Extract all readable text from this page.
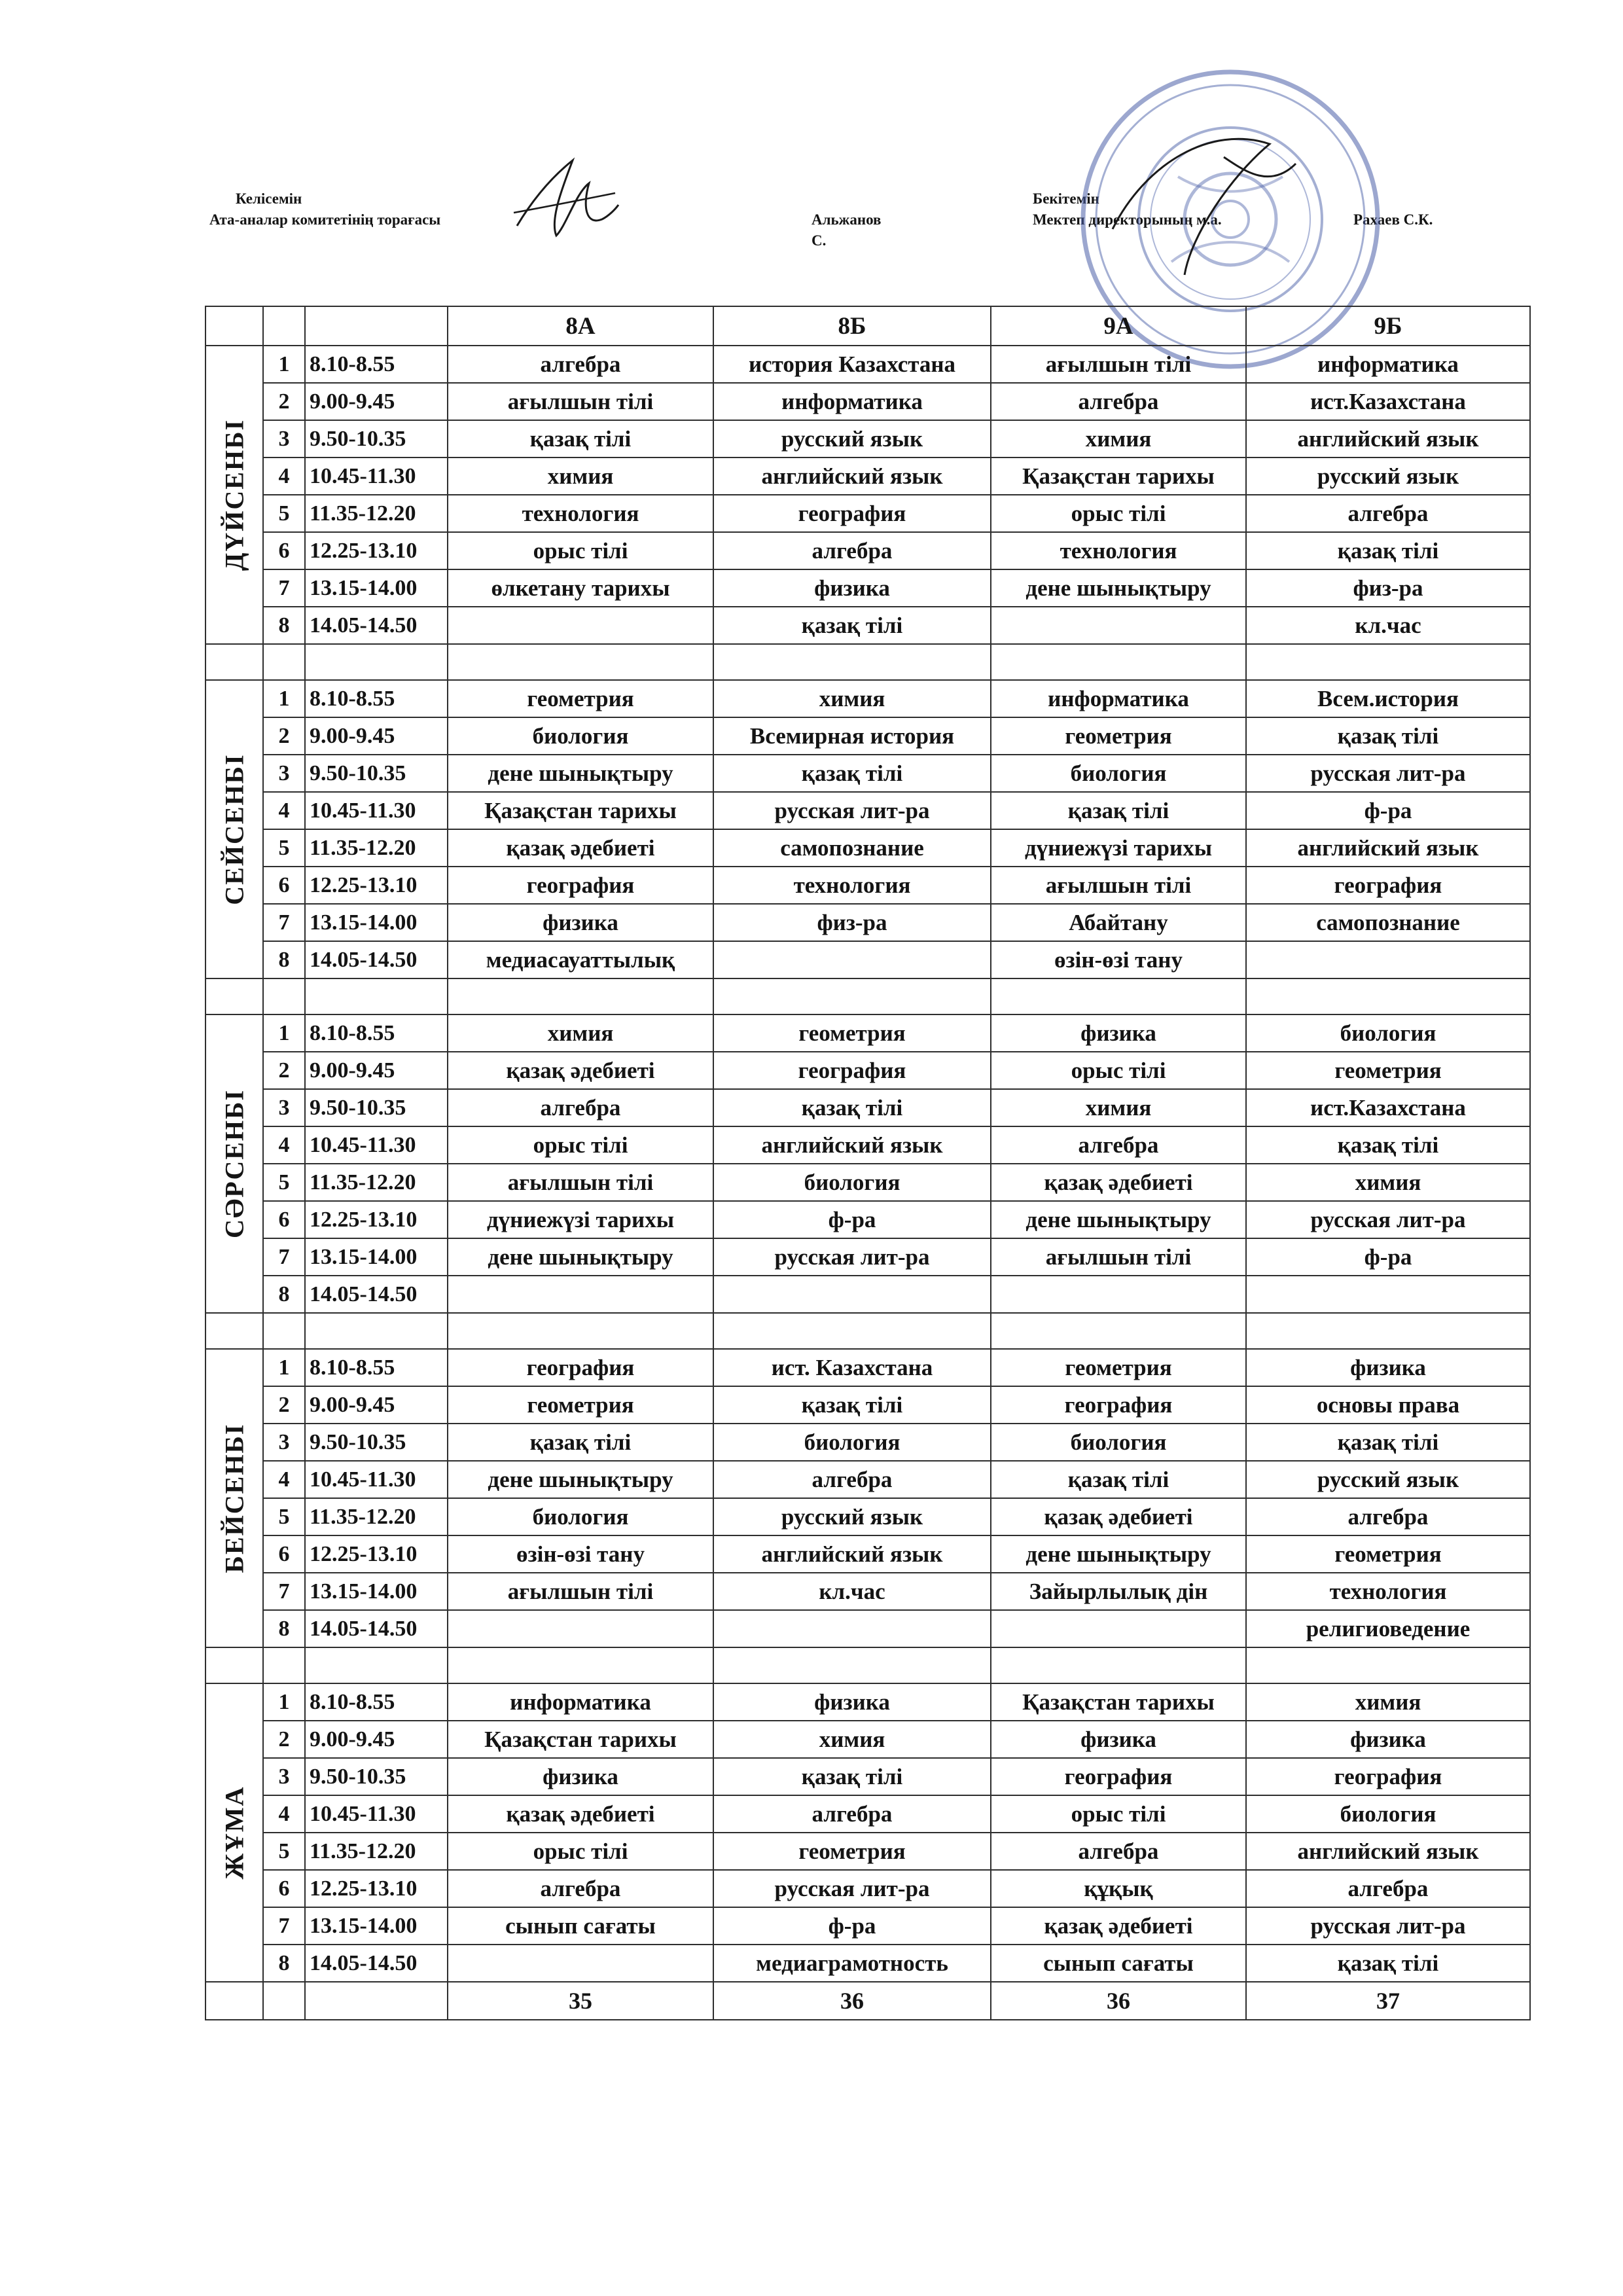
Келісемін
Ата-аналар комитетінің торағасы	Альжанов С.
Бекітемін
Мектеп директорының м.а.	Рахаев С.К.
			8А	8Б	9А	9Б

ДҮЙСЕНБІ	1	8.10-8.55	алгебра	история Казахстана	ағылшын тілі	информатика
	2	9.00-9.45	ағылшын тілі	информатика	алгебра	ист.Казахстана
	3	9.50-10.35	қазақ тілі	русский язык	химия	английский язык
	4	10.45-11.30	химия	английский язык	Қазақстан тарихы	русский язык
	5	11.35-12.20	технология	география	орыс тілі	алгебра
	6	12.25-13.10	орыс тілі	алгебра	технология	қазақ тілі
	7	13.15-14.00	өлкетану тарихы	физика	дене шынықтыру	физ-ра
	8	14.05-14.50		қазақ тілі		кл.час

СЕЙСЕНБІ	1	8.10-8.55	геометрия	химия	информатика	Всем.история
	2	9.00-9.45	биология	Всемирная история	геометрия	қазақ тілі
	3	9.50-10.35	дене шынықтыру	қазақ тілі	биология	русская лит-ра
	4	10.45-11.30	Қазақстан тарихы	русская лит-ра	қазақ тілі	ф-ра
	5	11.35-12.20	қазақ әдебиеті	самопознание	дүниежүзі тарихы	английский язык
	6	12.25-13.10	география	технология	ағылшын тілі	география
	7	13.15-14.00	физика	физ-ра	Абайтану	самопознание
	8	14.05-14.50	медиасауаттылық		өзін-өзі тану	

СӘРСЕНБІ	1	8.10-8.55	химия	геометрия	физика	биология
	2	9.00-9.45	қазақ әдебиеті	география	орыс тілі	геометрия
	3	9.50-10.35	алгебра	қазақ тілі	химия	ист.Казахстана
	4	10.45-11.30	орыс тілі	английский язык	алгебра	қазақ тілі
	5	11.35-12.20	ағылшын тілі	биология	қазақ әдебиеті	химия
	6	12.25-13.10	дүниежүзі тарихы	ф-ра	дене шынықтыру	русская лит-ра
	7	13.15-14.00	дене шынықтыру	русская лит-ра	ағылшын тілі	ф-ра
	8	14.05-14.50				

БЕЙСЕНБІ	1	8.10-8.55	география	ист. Казахстана	геометрия	физика
	2	9.00-9.45	геометрия	қазақ тілі	география	основы права
	3	9.50-10.35	қазақ тілі	биология	биология	қазақ тілі
	4	10.45-11.30	дене шынықтыру	алгебра	қазақ тілі	русский язык
	5	11.35-12.20	биология	русский язык	қазақ әдебиеті	алгебра
	6	12.25-13.10	өзін-өзі тану	английский язык	дене шынықтыру	геометрия
	7	13.15-14.00	ағылшын тілі	кл.час	Зайырлылық дін	технология
	8	14.05-14.50				религиоведение

ЖҰМА	1	8.10-8.55	информатика	физика	Қазақстан тарихы	химия
	2	9.00-9.45	Қазақстан тарихы	химия	физика	физика
	3	9.50-10.35	физика	қазақ тілі	география	география
	4	10.45-11.30	қазақ әдебиеті	алгебра	орыс тілі	биология
	5	11.35-12.20	орыс тілі	геометрия	алгебра	английский язык
	6	12.25-13.10	алгебра	русская лит-ра	құқық	алгебра
	7	13.15-14.00	сынып сағаты	ф-ра	қазақ әдебиеті	русская лит-ра
	8	14.05-14.50		медиаграмотность	сынып сағаты	қазақ тілі
			35	36	36	37
